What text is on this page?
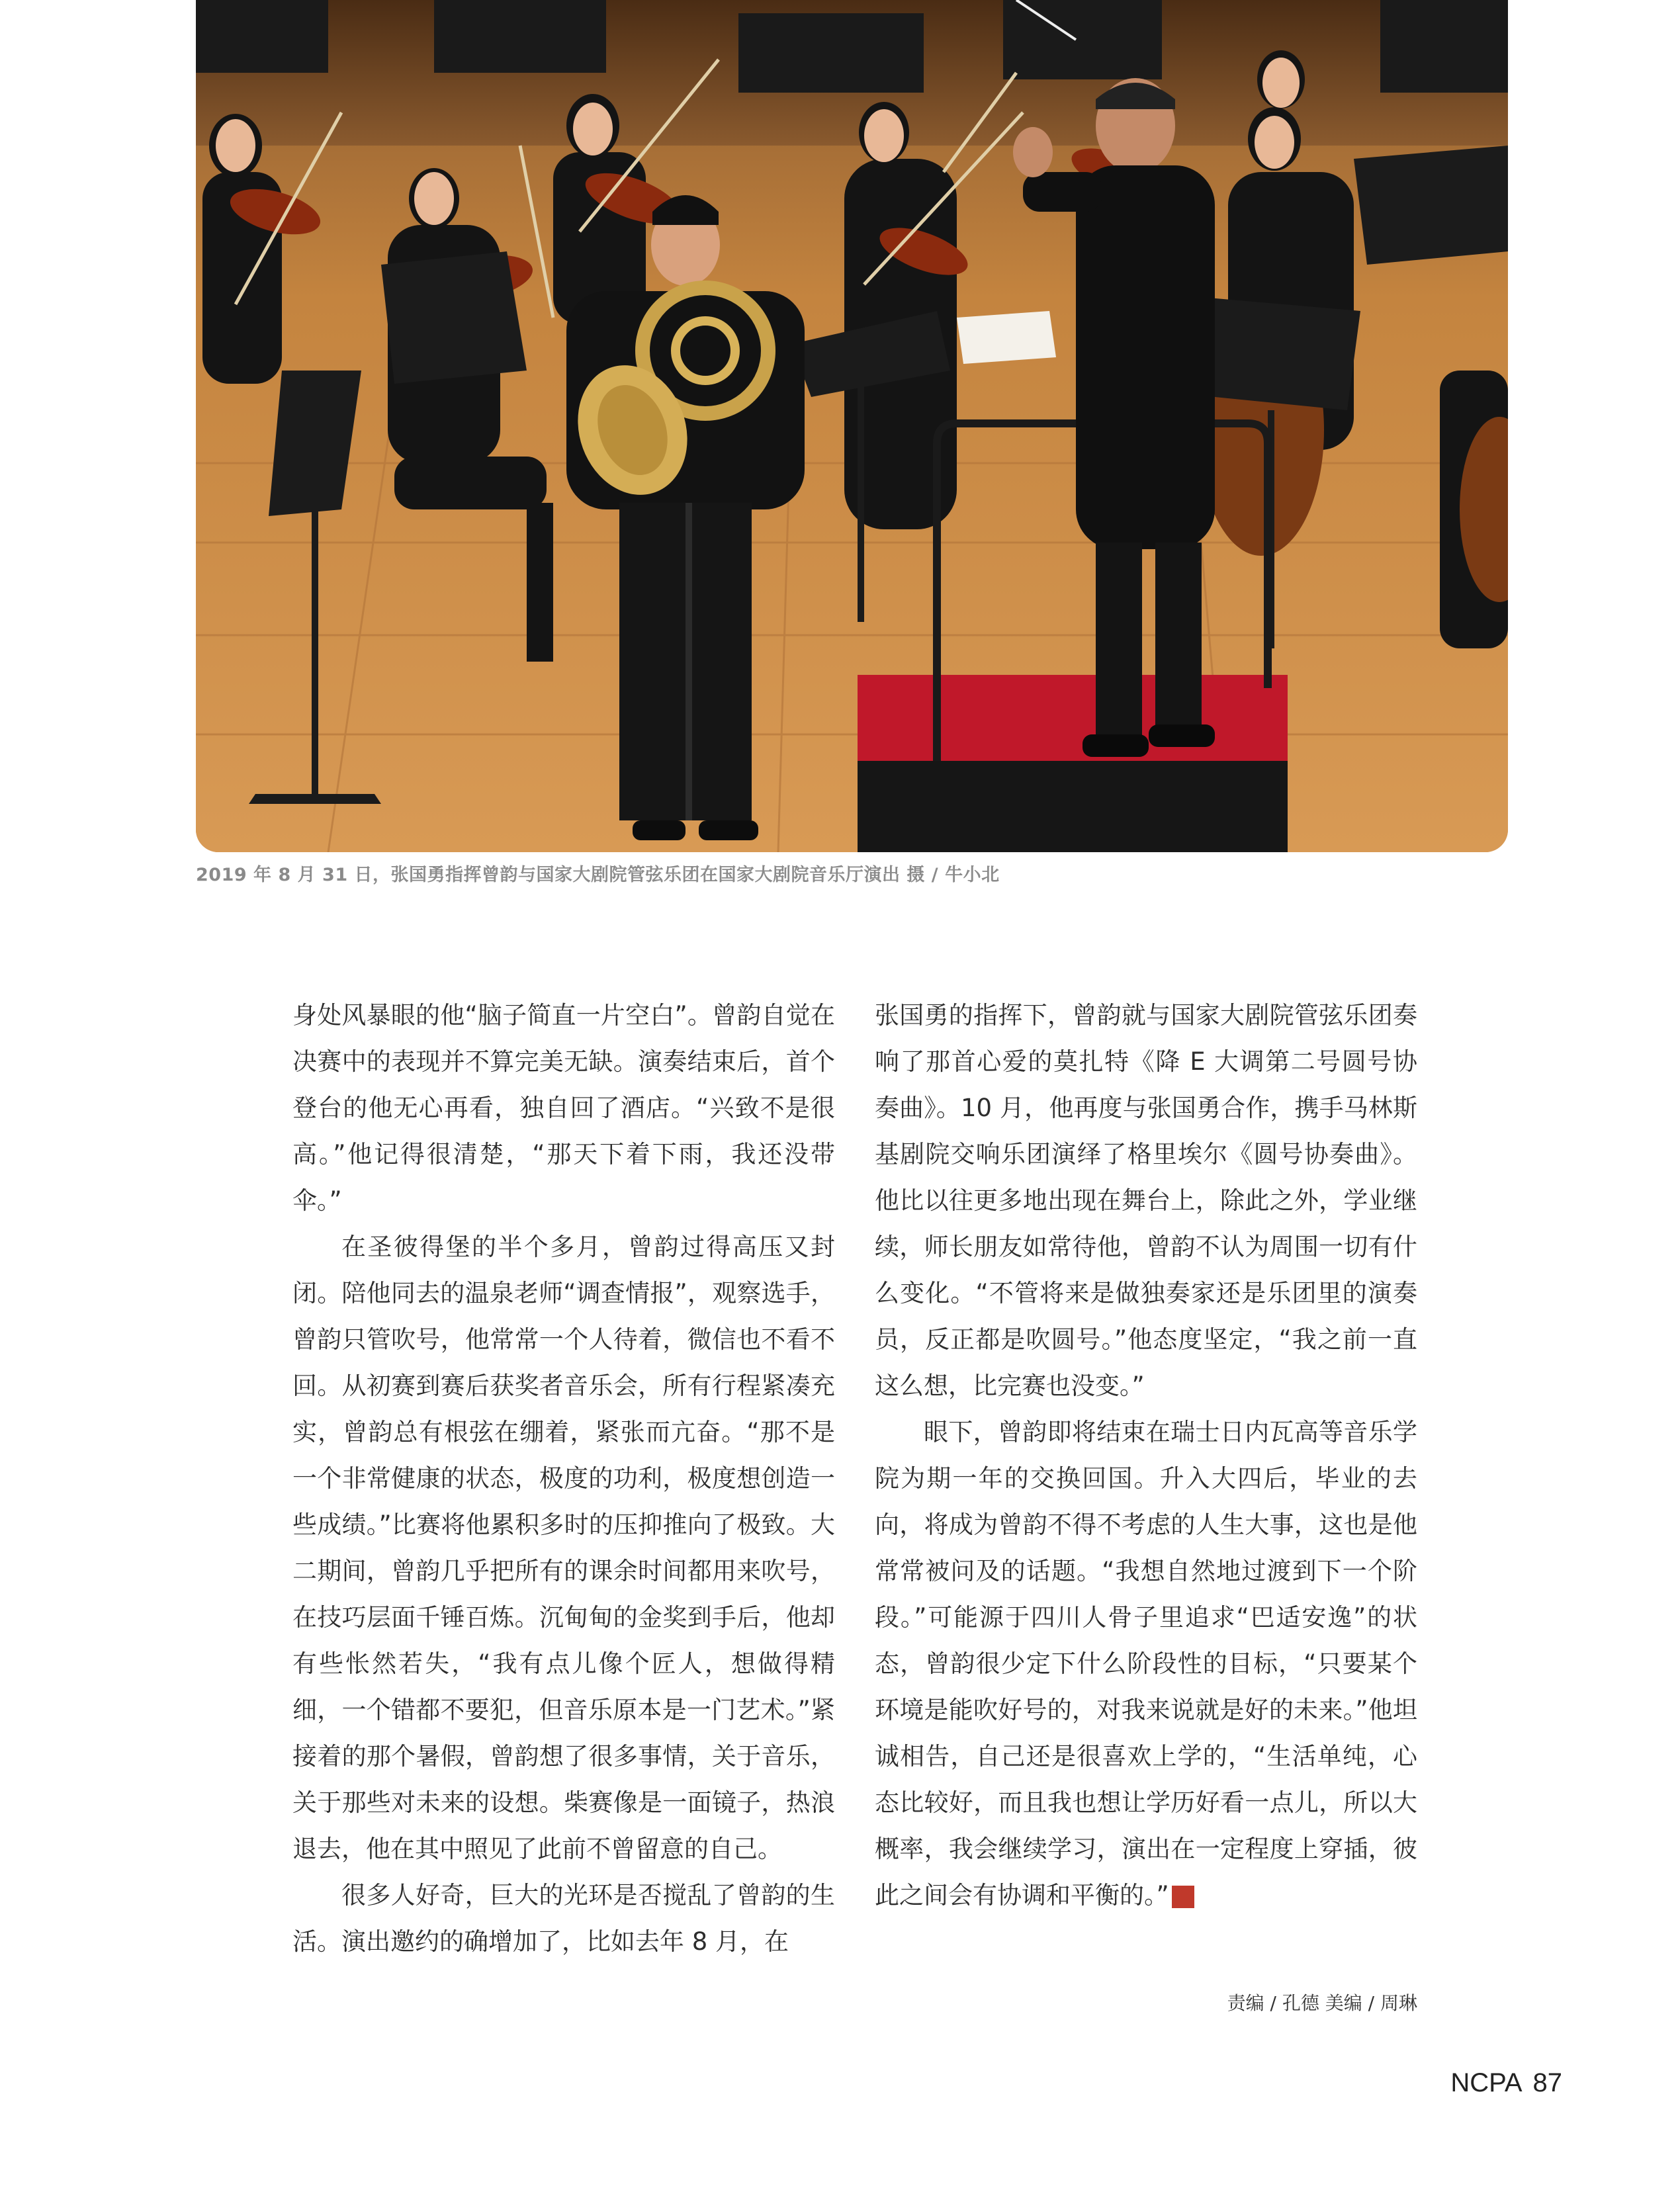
2019 年 8 月 31 日，张国勇指挥曾韵与国家大剧院管弦乐团在国家大剧院音乐厅演出 摄 / 牛小北

身处风暴眼的他“脑子简直一片空白”。曾韵自觉在决赛中的表现并不算完美无缺。演奏结束后，首个登台的他无心再看，独自回了酒店。“兴致不是很高。”他记得很清楚，“那天下着下雨，我还没带伞。”

在圣彼得堡的半个多月，曾韵过得高压又封闭。陪他同去的温泉老师“调查情报”，观察选手，曾韵只管吹号，他常常一个人待着，微信也不看不回。从初赛到赛后获奖者音乐会，所有行程紧凑充实，曾韵总有根弦在绷着，紧张而亢奋。“那不是一个非常健康的状态，极度的功利，极度想创造一些成绩。”比赛将他累积多时的压抑推向了极致。大二期间，曾韵几乎把所有的课余时间都用来吹号，在技巧层面千锤百炼。沉甸甸的金奖到手后，他却有些怅然若失，“我有点儿像个匠人，想做得精细，一个错都不要犯，但音乐原本是一门艺术。”紧接着的那个暑假，曾韵想了很多事情，关于音乐，关于那些对未来的设想。柴赛像是一面镜子，热浪退去，他在其中照见了此前不曾留意的自己。

很多人好奇，巨大的光环是否搅乱了曾韵的生活。演出邀约的确增加了，比如去年 8 月，在

张国勇的指挥下，曾韵就与国家大剧院管弦乐团奏响了那首心爱的莫扎特《降 E 大调第二号圆号协奏曲》。10 月，他再度与张国勇合作，携手马林斯基剧院交响乐团演绎了格里埃尔《圆号协奏曲》。他比以往更多地出现在舞台上，除此之外，学业继续，师长朋友如常待他，曾韵不认为周围一切有什么变化。“不管将来是做独奏家还是乐团里的演奏员，反正都是吹圆号。”他态度坚定，“我之前一直这么想，比完赛也没变。”

眼下，曾韵即将结束在瑞士日内瓦高等音乐学院为期一年的交换回国。升入大四后，毕业的去向，将成为曾韵不得不考虑的人生大事，这也是他常常被问及的话题。“我想自然地过渡到下一个阶段。”可能源于四川人骨子里追求“巴适安逸”的状态，曾韵很少定下什么阶段性的目标，“只要某个环境是能吹好号的，对我来说就是好的未来。”他坦诚相告，自己还是很喜欢上学的，“生活单纯，心态比较好，而且我也想让学历好看一点儿，所以大概率，我会继续学习，演出在一定程度上穿插，彼此之间会有协调和平衡的。”	NCPA

责编 / 孔德 美编 / 周琳
NCPA 87
